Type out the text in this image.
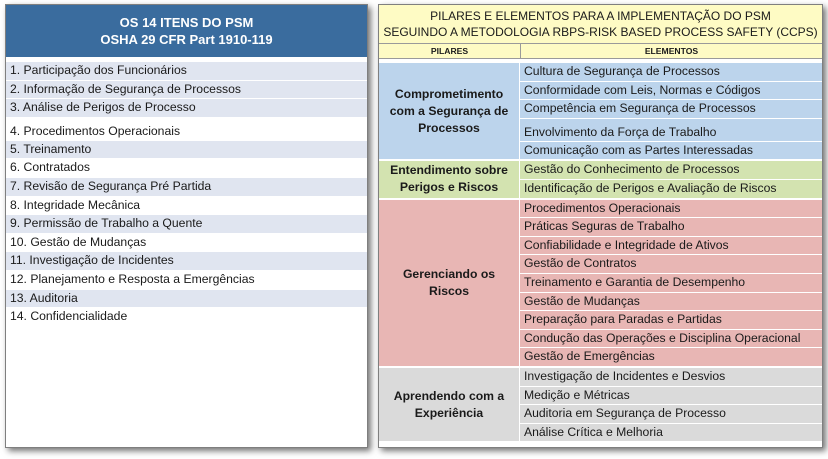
OS 14 ITENS DO PSM
OSHA 29 CFR Part 1910-119
1. Participação dos Funcionários
2. Informação de Segurança de Processos
3. Análise de Perigos de Processo
4. Procedimentos Operacionais
5. Treinamento
6. Contratados
7. Revisão de Segurança Pré Partida
8. Integridade Mecânica
9. Permissão de Trabalho a Quente
10. Gestão de Mudanças
11. Investigação de Incidentes
12. Planejamento e Resposta a Emergências
13. Auditoria
14. Confidencialidade
PILARES E ELEMENTOS PARA A IMPLEMENTAÇÃO DO PSM
SEGUINDO A METODOLOGIA RBPS-RISK BASED PROCESS SAFETY (CCPS)
PILARES	ELEMENTOS
Comprometimento com a Segurança de Processos
Cultura de Segurança de Processos
Conformidade com Leis, Normas e Códigos
Competência em Segurança de Processos
Envolvimento da Força de Trabalho
Comunicação com as Partes Interessadas
Entendimento sobre Perigos e Riscos
Gestão do Conhecimento de Processos
Identificação de Perigos e Avaliação de Riscos
Gerenciando os Riscos
Procedimentos Operacionais
Práticas Seguras de Trabalho
Confiabilidade e Integridade de Ativos
Gestão de Contratos
Treinamento e Garantia de Desempenho
Gestão de Mudanças
Preparação para Paradas e Partidas
Condução das Operações e Disciplina Operacional
Gestão de Emergências
Aprendendo com a Experiência
Investigação de Incidentes e Desvios
Medição e Métricas
Auditoria em Segurança de Processo
Análise Crítica e Melhoria
